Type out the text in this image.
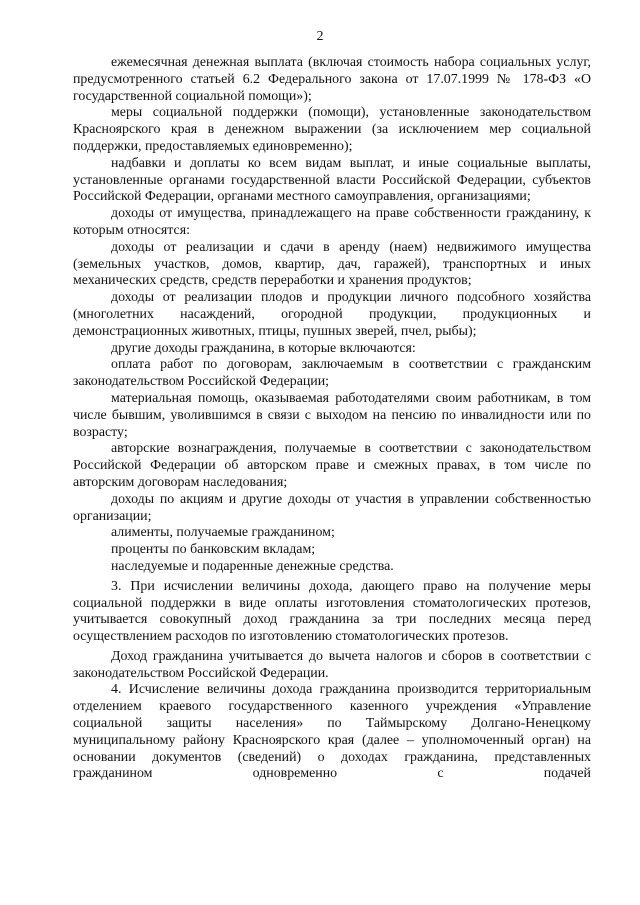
2

ежемесячная денежная выплата (включая стоимость набора социальных услуг, предусмотренного статьей 6.2 Федерального закона от 17.07.1999 № 178-ФЗ «О государственной социальной помощи»);

меры социальной поддержки (помощи), установленные законодательством Красноярского края в денежном выражении (за исключением мер социальной поддержки, предоставляемых единовременно);

надбавки и доплаты ко всем видам выплат, и иные социальные выплаты, установленные органами государственной власти Российской Федерации, субъектов Российской Федерации, органами местного самоуправления, организациями;

доходы от имущества, принадлежащего на праве собственности гражданину, к которым относятся:

доходы от реализации и сдачи в аренду (наем) недвижимого имущества (земельных участков, домов, квартир, дач, гаражей), транспортных и иных механических средств, средств переработки и хранения продуктов;

доходы от реализации плодов и продукции личного подсобного хозяйства (многолетних насаждений, огородной продукции, продукционных и демонстрационных животных, птицы, пушных зверей, пчел, рыбы);

другие доходы гражданина, в которые включаются:

оплата работ по договорам, заключаемым в соответствии с гражданским законодательством Российской Федерации;

материальная помощь, оказываемая работодателями своим работникам, в том числе бывшим, уволившимся в связи с выходом на пенсию по инвалидности или по возрасту;

авторские вознаграждения, получаемые в соответствии с законодательством Российской Федерации об авторском праве и смежных правах, в том числе по авторским договорам наследования;

доходы по акциям и другие доходы от участия в управлении собственностью организации;

алименты, получаемые гражданином;

проценты по банковским вкладам;

наследуемые и подаренные денежные средства.

3. При исчислении величины дохода, дающего право на получение меры социальной поддержки в виде оплаты изготовления стоматологических протезов, учитывается совокупный доход гражданина за три последних месяца перед осуществлением расходов по изготовлению стоматологических протезов.

Доход гражданина учитывается до вычета налогов и сборов в соответствии с законодательством Российской Федерации.

4. Исчисление величины дохода гражданина производится территориальным отделением краевого государственного казенного учреждения «Управление социальной защиты населения» по Таймырскому Долгано-Ненецкому муниципальному району Красноярского края (далее – уполномоченный орган) на основании документов (сведений) о доходах гражданина, представленных гражданином одновременно с подачей
